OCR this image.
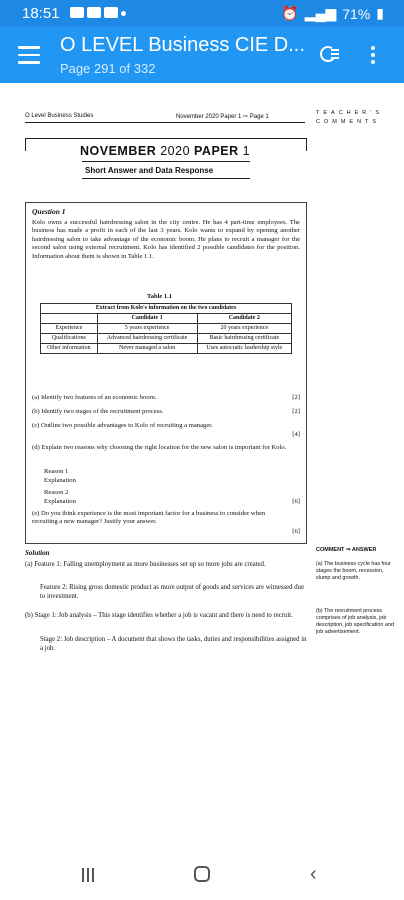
18:51	⏰ ▂▄▆ 71% ▮
O LEVEL Business CIE D...
Page 291 of 332
O Level Business Studies	November 2020 Paper 1 ⇨ Page 1
TEACHER'S COMMENTS
NOVEMBER 2020 PAPER 1
Short Answer and Data Response
Question 1
Kolo owns a successful hairdressing salon in the city centre. He has 4 part-time employees. The business has made a profit in each of the last 3 years. Kolo wants to expand by opening another hairdressing salon to take advantage of the economic boom. He plans to recruit a manager for the second salon using external recruitment. Kolo has identified 2 possible candidates for the position. Information about them is shown in Table 1.1.
Table 1.1
Extract from Kolo's information on the two candidates		
	Candidate 1	Candidate 2
Experience	5 years experience	20 years experience
Qualifications	Advanced hairdressing certificate	Basic hairdressing certificate
Other information	Never managed a salon	Uses autocratic leadership style
(a) Identify two features of an economic boom.	[2]
(b) Identify two stages of the recruitment process.	[2]
(c) Outline two possible advantages to Kolo of recruiting a manager.
[4]
(d) Explain two reasons why choosing the right location for the new salon is important for Kolo.
Reason 1
Explanation
Reason 2
Explanation	[6]
(e) Do you think experience is the most important factor for a business to consider when recruiting a new manager? Justify your answer.
[6]
Solution
(a) Feature 1: Falling unemployment as more businesses set up so more jobs are created.
Feature 2: Rising gross domestic product as more output of goods and services are witnessed due to investment.
(b) Stage 1: Job analysis – This stage identifies whether a job is vacant and there is need to recruit.
Stage 2: Job description – A document that shows the tasks, duties and responsibilities assigned in a job.
COMMENT ⇒ ANSWER
(a) The business cycle has four stages the boom, recession, slump and growth.
(b) The recruitment process comprises of job analysis, job description, job specification and job advertisement.
‹
